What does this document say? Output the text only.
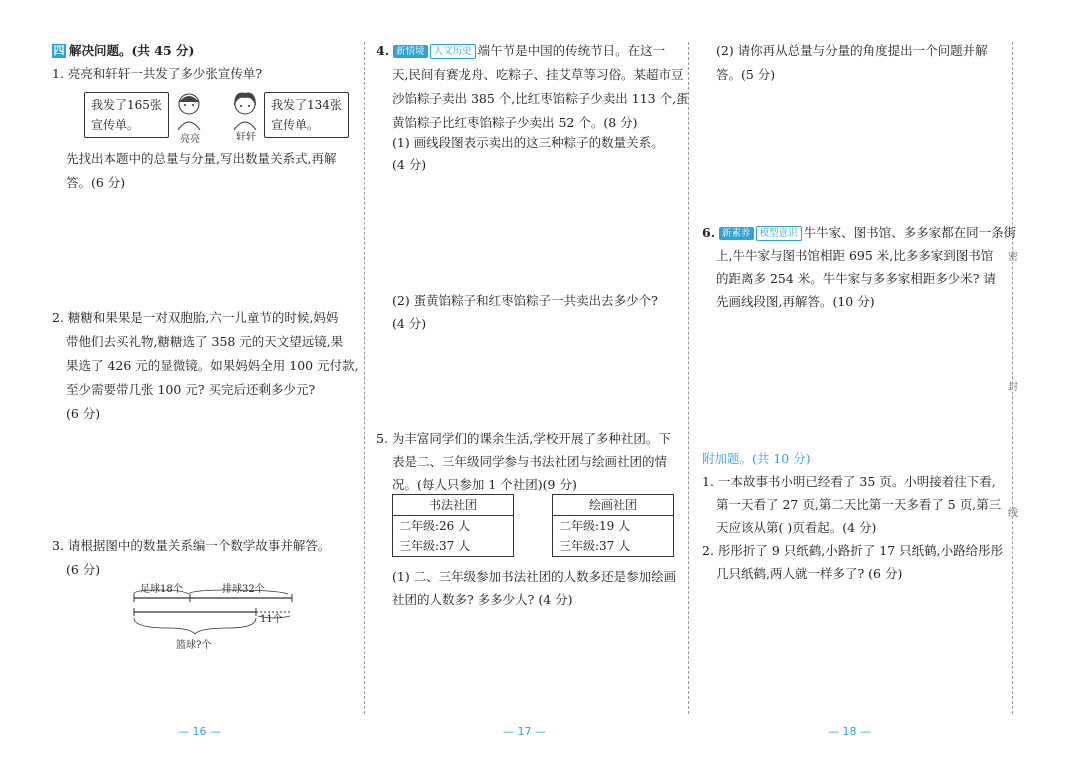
四 解决问题。(共 45 分)
1. 亮亮和轩轩一共发了多少张宣传单?
我发了165张
宣传单。
亮亮	轩轩
我发了134张
宣传单。
先找出本题中的总量与分量,写出数量关系式,再解
答。(6 分)
2. 糖糖和果果是一对双胞胎,六一儿童节的时候,妈妈
带他们去买礼物,糖糖选了 358 元的天文望远镜,果
果选了 426 元的显微镜。如果妈妈全用 100 元付款,
至少需要带几张 100 元? 买完后还剩多少元?
(6 分)
3. 请根据图中的数量关系编一个数学故事并解答。
(6 分)
足球18个	排球32个
11个
篮球?个
— 16 —
4. 新情境 人文历史 端午节是中国的传统节日。在这一
天,民间有赛龙舟、吃粽子、挂艾草等习俗。某超市豆
沙馅粽子卖出 385 个,比红枣馅粽子少卖出 113 个,蛋
黄馅粽子比红枣馅粽子少卖出 52 个。(8 分)
(1) 画线段图表示卖出的这三种粽子的数量关系。
(4 分)
(2) 蛋黄馅粽子和红枣馅粽子一共卖出去多少个?
(4 分)
5. 为丰富同学们的课余生活,学校开展了多种社团。下
表是二、三年级同学参与书法社团与绘画社团的情
况。(每人只参加 1 个社团)(9 分)
书法社团
二年级:26 人
三年级:37 人
绘画社团
二年级:19 人
三年级:37 人
(1) 二、三年级参加书法社团的人数多还是参加绘画
社团的人数多? 多多少人? (4 分)
— 17 —
(2) 请你再从总量与分量的角度提出一个问题并解
答。(5 分)
6. 新素养 模型意识 牛牛家、图书馆、多多家都在同一条街
上,牛牛家与图书馆相距 695 米,比多多家到图书馆
的距离多 254 米。牛牛家与多多家相距多少米? 请
先画线段图,再解答。(10 分)
附加题。(共 10 分)
1. 一本故事书小明已经看了 35 页。小明接着往下看,
第一天看了 27 页,第二天比第一天多看了 5 页,第三
天应该从第( )页看起。(4 分)
2. 彤彤折了 9 只纸鹤,小路折了 17 只纸鹤,小路给彤彤
几只纸鹤,两人就一样多了? (6 分)
密
封
线
— 18 —
